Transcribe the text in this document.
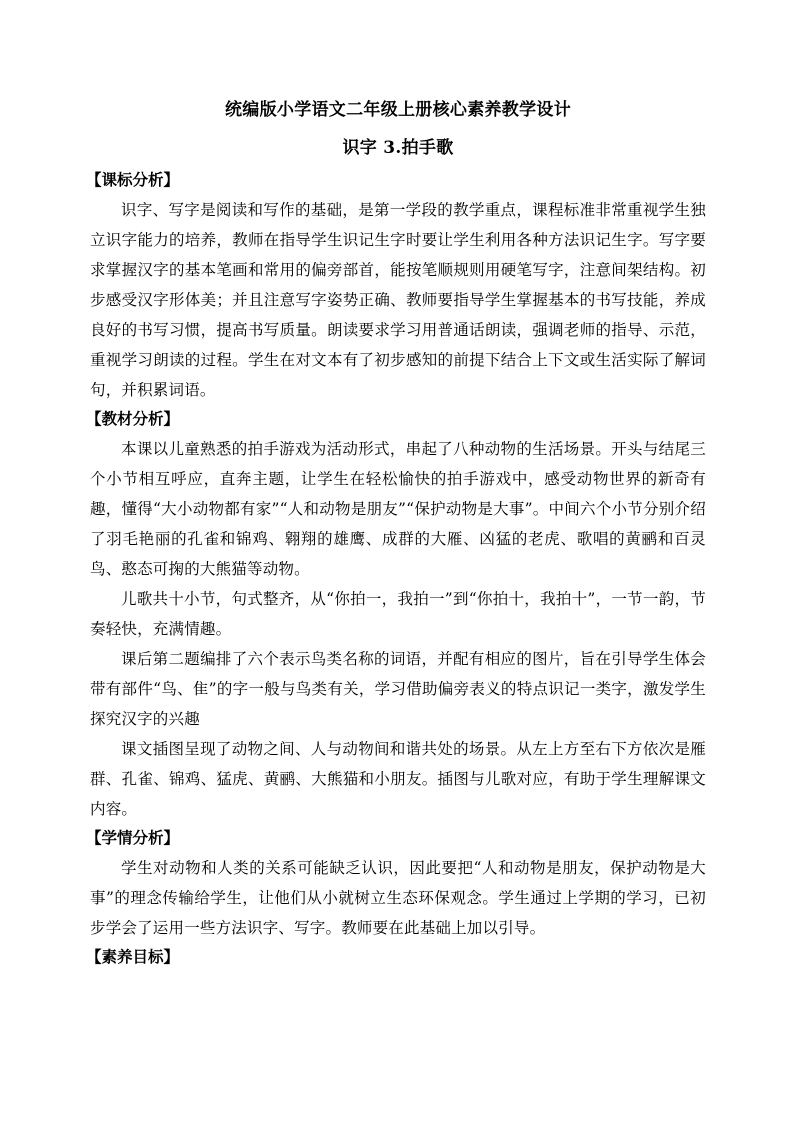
统编版小学语文二年级上册核心素养教学设计
识字 3.拍手歌

【课标分析】

识字、写字是阅读和写作的基础，是第一学段的教学重点，课程标准非常重视学生独立识字能力的培养，教师在指导学生识记生字时要让学生利用各种方法识记生字。写字要求掌握汉字的基本笔画和常用的偏旁部首，能按笔顺规则用硬笔写字，注意间架结构。初步感受汉字形体美；并且注意写字姿势正确、教师要指导学生掌握基本的书写技能，养成良好的书写习惯，提高书写质量。朗读要求学习用普通话朗读，强调老师的指导、示范，重视学习朗读的过程。学生在对文本有了初步感知的前提下结合上下文或生活实际了解词句，并积累词语。

【教材分析】

本课以儿童熟悉的拍手游戏为活动形式，串起了八种动物的生活场景。开头与结尾三个小节相互呼应，直奔主题，让学生在轻松愉快的拍手游戏中，感受动物世界的新奇有趣，懂得“大小动物都有家”“人和动物是朋友”“保护动物是大事”。中间六个小节分别介绍了羽毛艳丽的孔雀和锦鸡、翱翔的雄鹰、成群的大雁、凶猛的老虎、歌唱的黄鹂和百灵鸟、憨态可掬的大熊猫等动物。

儿歌共十小节，句式整齐，从“你拍一，我拍一”到“你拍十，我拍十”，一节一韵，节奏轻快，充满情趣。

课后第二题编排了六个表示鸟类名称的词语，并配有相应的图片，旨在引导学生体会带有部件“鸟、隹”的字一般与鸟类有关，学习借助偏旁表义的特点识记一类字，激发学生探究汉字的兴趣

课文插图呈现了动物之间、人与动物间和谐共处的场景。从左上方至右下方依次是雁群、孔雀、锦鸡、猛虎、黄鹂、大熊猫和小朋友。插图与儿歌对应，有助于学生理解课文内容。

【学情分析】

学生对动物和人类的关系可能缺乏认识，因此要把“人和动物是朋友，保护动物是大事”的理念传输给学生，让他们从小就树立生态环保观念。学生通过上学期的学习，已初步学会了运用一些方法识字、写字。教师要在此基础上加以引导。

【素养目标】
